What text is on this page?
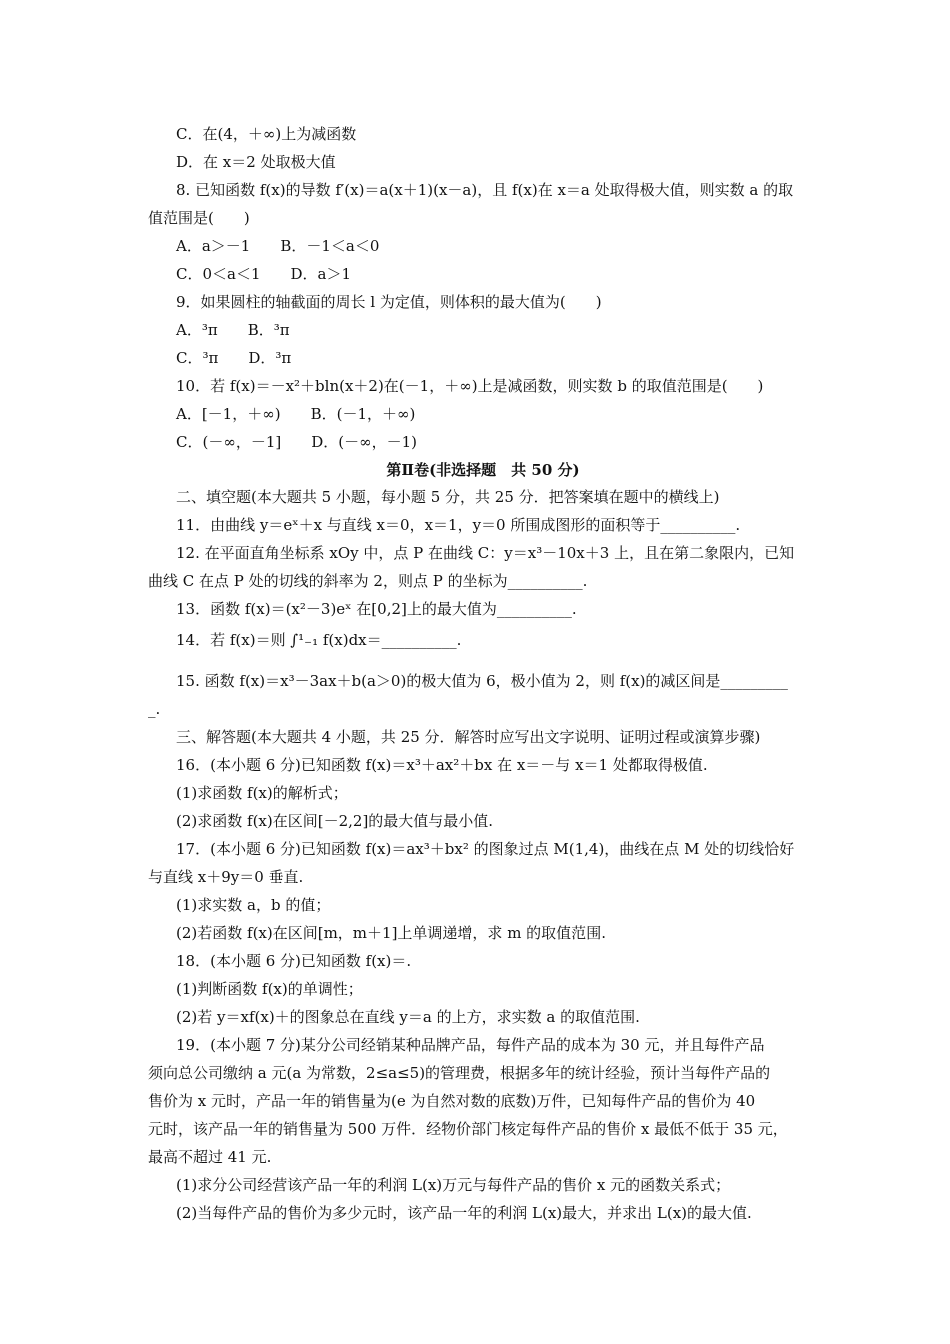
C．在(4，＋∞)上为减函数
D．在 x＝2 处取极大值
8. 已知函数 f(x)的导数 f′(x)＝a(x＋1)(x－a)，且 f(x)在 x＝a 处取得极大值，则实数 a 的取
值范围是(　　)
A．a＞－1　　B．－1＜a＜0
C．0＜a＜1　　D．a＞1
9．如果圆柱的轴截面的周长 l 为定值，则体积的最大值为(　　)
A．³π　　B．³π
C．³π　　D．³π
10．若 f(x)＝－x²＋bln(x＋2)在(－1，＋∞)上是减函数，则实数 b 的取值范围是(　　)
A．[－1，＋∞)　　B．(－1，＋∞)
C．(－∞，－1]　　D．(－∞，－1)
第Ⅱ卷(非选择题　共 50 分)
二、填空题(本大题共 5 小题，每小题 5 分，共 25 分．把答案填在题中的横线上)
11．由曲线 y＝eˣ＋x 与直线 x＝0，x＝1，y＝0 所围成图形的面积等于__________.
12. 在平面直角坐标系 xOy 中，点 P 在曲线 C：y＝x³－10x＋3 上，且在第二象限内，已知
曲线 C 在点 P 处的切线的斜率为 2，则点 P 的坐标为__________.
13．函数 f(x)＝(x²－3)eˣ 在[0,2]上的最大值为__________.
14．若 f(x)＝则 ∫¹₋₁ f(x)dx＝__________.
15. 函数 f(x)＝x³－3ax＋b(a＞0)的极大值为 6，极小值为 2，则 f(x)的减区间是_________
_.
三、解答题(本大题共 4 小题，共 25 分．解答时应写出文字说明、证明过程或演算步骤)
16．(本小题 6 分)已知函数 f(x)＝x³＋ax²＋bx 在 x＝－与 x＝1 处都取得极值.
(1)求函数 f(x)的解析式；
(2)求函数 f(x)在区间[－2,2]的最大值与最小值.
17．(本小题 6 分)已知函数 f(x)＝ax³＋bx² 的图象过点 M(1,4)，曲线在点 M 处的切线恰好
与直线 x＋9y＝0 垂直.
(1)求实数 a，b 的值；
(2)若函数 f(x)在区间[m，m＋1]上单调递增，求 m 的取值范围.
18．(本小题 6 分)已知函数 f(x)＝.
(1)判断函数 f(x)的单调性；
(2)若 y＝xf(x)＋的图象总在直线 y＝a 的上方，求实数 a 的取值范围.
19．(本小题 7 分)某分公司经销某种品牌产品，每件产品的成本为 30 元，并且每件产品
须向总公司缴纳 a 元(a 为常数，2≤a≤5)的管理费，根据多年的统计经验，预计当每件产品的
售价为 x 元时，产品一年的销售量为(e 为自然对数的底数)万件，已知每件产品的售价为 40
元时，该产品一年的销售量为 500 万件．经物价部门核定每件产品的售价 x 最低不低于 35 元，
最高不超过 41 元.
(1)求分公司经营该产品一年的利润 L(x)万元与每件产品的售价 x 元的函数关系式；
(2)当每件产品的售价为多少元时，该产品一年的利润 L(x)最大，并求出 L(x)的最大值.
